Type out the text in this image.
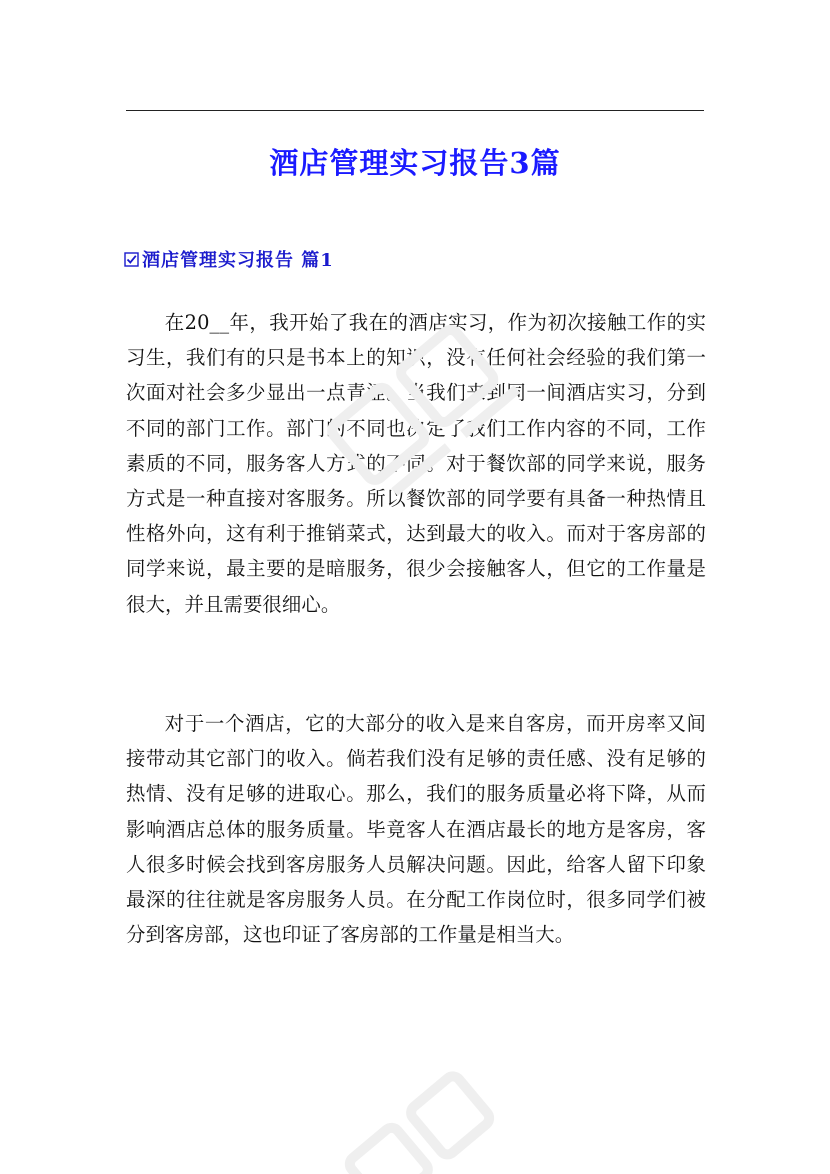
酒店管理实习报告3篇
酒店管理实习报告 篇1

在20__年，我开始了我在的酒店实习，作为初次接触工作的实习生，我们有的只是书本上的知识，没有任何社会经验的我们第一次面对社会多少显出一点青涩。当我们来到同一间酒店实习，分到不同的部门工作。部门的不同也决定了我们工作内容的不同，工作素质的不同，服务客人方式的不同。对于餐饮部的同学来说，服务方式是一种直接对客服务。所以餐饮部的同学要有具备一种热情且性格外向，这有利于推销菜式，达到最大的收入。而对于客房部的同学来说，最主要的是暗服务，很少会接触客人，但它的工作量是很大，并且需要很细心。

对于一个酒店，它的大部分的收入是来自客房，而开房率又间接带动其它部门的收入。倘若我们没有足够的责任感、没有足够的热情、没有足够的进取心。那么，我们的服务质量必将下降，从而影响酒店总体的服务质量。毕竟客人在酒店最长的地方是客房，客人很多时候会找到客房服务人员解决问题。因此，给客人留下印象最深的往往就是客房服务人员。在分配工作岗位时，很多同学们被分到客房部，这也印证了客房部的工作量是相当大。
